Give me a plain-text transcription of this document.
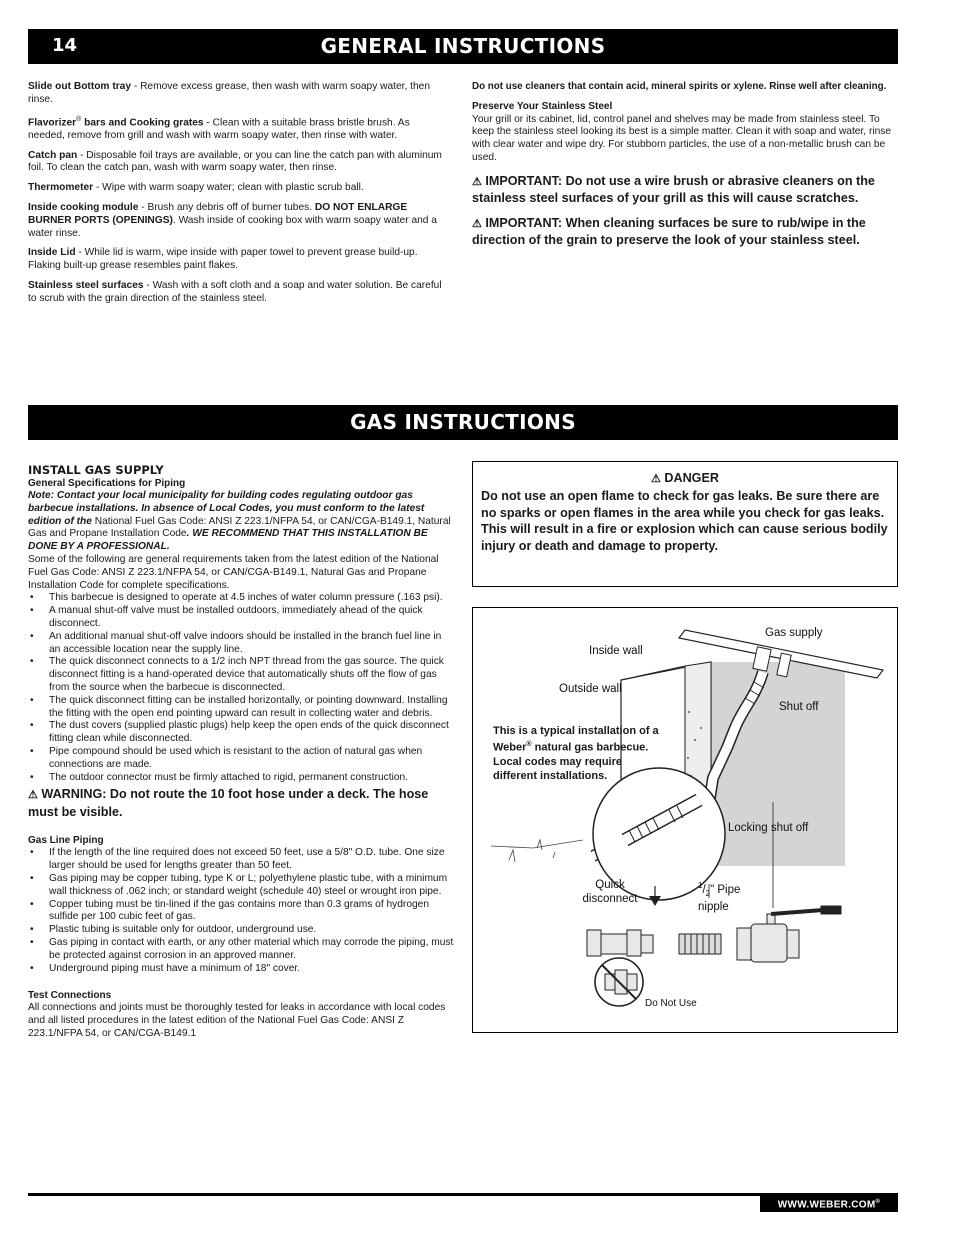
14	GENERAL INSTRUCTIONS

Slide out Bottom tray - Remove excess grease, then wash with warm soapy water, then rinse.

Flavorizer® bars and Cooking grates - Clean with a suitable brass bristle brush. As needed, remove from grill and wash with warm soapy water, then rinse with water.

Catch pan - Disposable foil trays are available, or you can line the catch pan with aluminum foil. To clean the catch pan, wash with warm soapy water, then rinse.

Thermometer - Wipe with warm soapy water; clean with plastic scrub ball.

Inside cooking module - Brush any debris off of burner tubes. DO NOT ENLARGE BURNER PORTS (OPENINGS). Wash inside of cooking box with warm soapy water and a water rinse.

Inside Lid - While lid is warm, wipe inside with paper towel to prevent grease build-up. Flaking built-up grease resembles paint flakes.

Stainless steel surfaces - Wash with a soft cloth and a soap and water solution. Be careful to scrub with the grain direction of the stainless steel.

Do not use cleaners that contain acid, mineral spirits or xylene. Rinse well after cleaning.

Preserve Your Stainless Steel

Your grill or its cabinet, lid, control panel and shelves may be made from stainless steel. To keep the stainless steel looking its best is a simple matter. Clean it with soap and water, rinse with clear water and wipe dry. For stubborn particles, the use of a non-metallic brush can be used.

⚠ IMPORTANT: Do not use a wire brush or abrasive cleaners on the stainless steel surfaces of your grill as this will cause scratches.
⚠ IMPORTANT: When cleaning surfaces be sure to rub/wipe in the direction of the grain to preserve the look of your stainless steel.
GAS INSTRUCTIONS
INSTALL GAS SUPPLY
General Specifications for Piping
Note: Contact your local municipality for building codes regulating outdoor gas barbecue installations. In absence of Local Codes, you must conform to the latest edition of the National Fuel Gas Code: ANSI Z 223.1/NFPA 54, or CAN/CGA-B149.1, Natural Gas and Propane Installation Code. WE RECOMMEND THAT THIS INSTALLATION BE DONE BY A PROFESSIONAL.
Some of the following are general requirements taken from the latest edition of the National Fuel Gas Code: ANSI Z 223.1/NFPA 54, or CAN/CGA-B149.1, Natural Gas and Propane Installation Code for complete specifications.
• This barbecue is designed to operate at 4.5 inches of water column pressure (.163 psi).
• A manual shut-off valve must be installed outdoors, immediately ahead of the quick disconnect.
• An additional manual shut-off valve indoors should be installed in the branch fuel line in an accessible location near the supply line.
• The quick disconnect connects to a 1/2 inch NPT thread from the gas source. The quick disconnect fitting is a hand-operated device that automatically shuts off the flow of gas from the source when the barbecue is disconnected.
• The quick disconnect fitting can be installed horizontally, or pointing downward. Installing the fitting with the open end pointing upward can result in collecting water and debris.
• The dust covers (supplied plastic plugs) help keep the open ends of the quick disconnect fitting clean while disconnected.
• Pipe compound should be used which is resistant to the action of natural gas when connections are made.
• The outdoor connector must be firmly attached to rigid, permanent construction.
⚠ WARNING: Do not route the 10 foot hose under a deck. The hose must be visible.
Gas Line Piping
• If the length of the line required does not exceed 50 feet, use a 5/8" O.D. tube. One size larger should be used for lengths greater than 50 feet.
• Gas piping may be copper tubing, type K or L; polyethylene plastic tube, with a minimum wall thickness of .062 inch; or standard weight (schedule 40) steel or wrought iron pipe.
• Copper tubing must be tin-lined if the gas contains more than 0.3 grams of hydrogen sulfide per 100 cubic feet of gas.
• Plastic tubing is suitable only for outdoor, underground use.
• Gas piping in contact with earth, or any other material which may corrode the piping, must be protected against corrosion in an approved manner.
• Underground piping must have a minimum of 18" cover.
Test Connections
All connections and joints must be thoroughly tested for leaks in accordance with local codes and all listed procedures in the latest edition of the National Fuel Gas Code: ANSI Z 223.1/NFPA 54, or CAN/CGA-B149.1
⚠ DANGER
Do not use an open flame to check for gas leaks. Be sure there are no sparks or open flames in the area while you check for gas leaks. This will result in a fire or explosion which can cause serious bodily injury or death and damage to property.
Gas supply
Inside wall
Outside wall
Shut off
Locking shut off
Quick disconnect
$^1/_2$" Pipe nipple
This is a typical installation of a Weber® natural gas barbecue. Local codes may require different installations.
Do Not Use
WWW.WEBER.COM®
